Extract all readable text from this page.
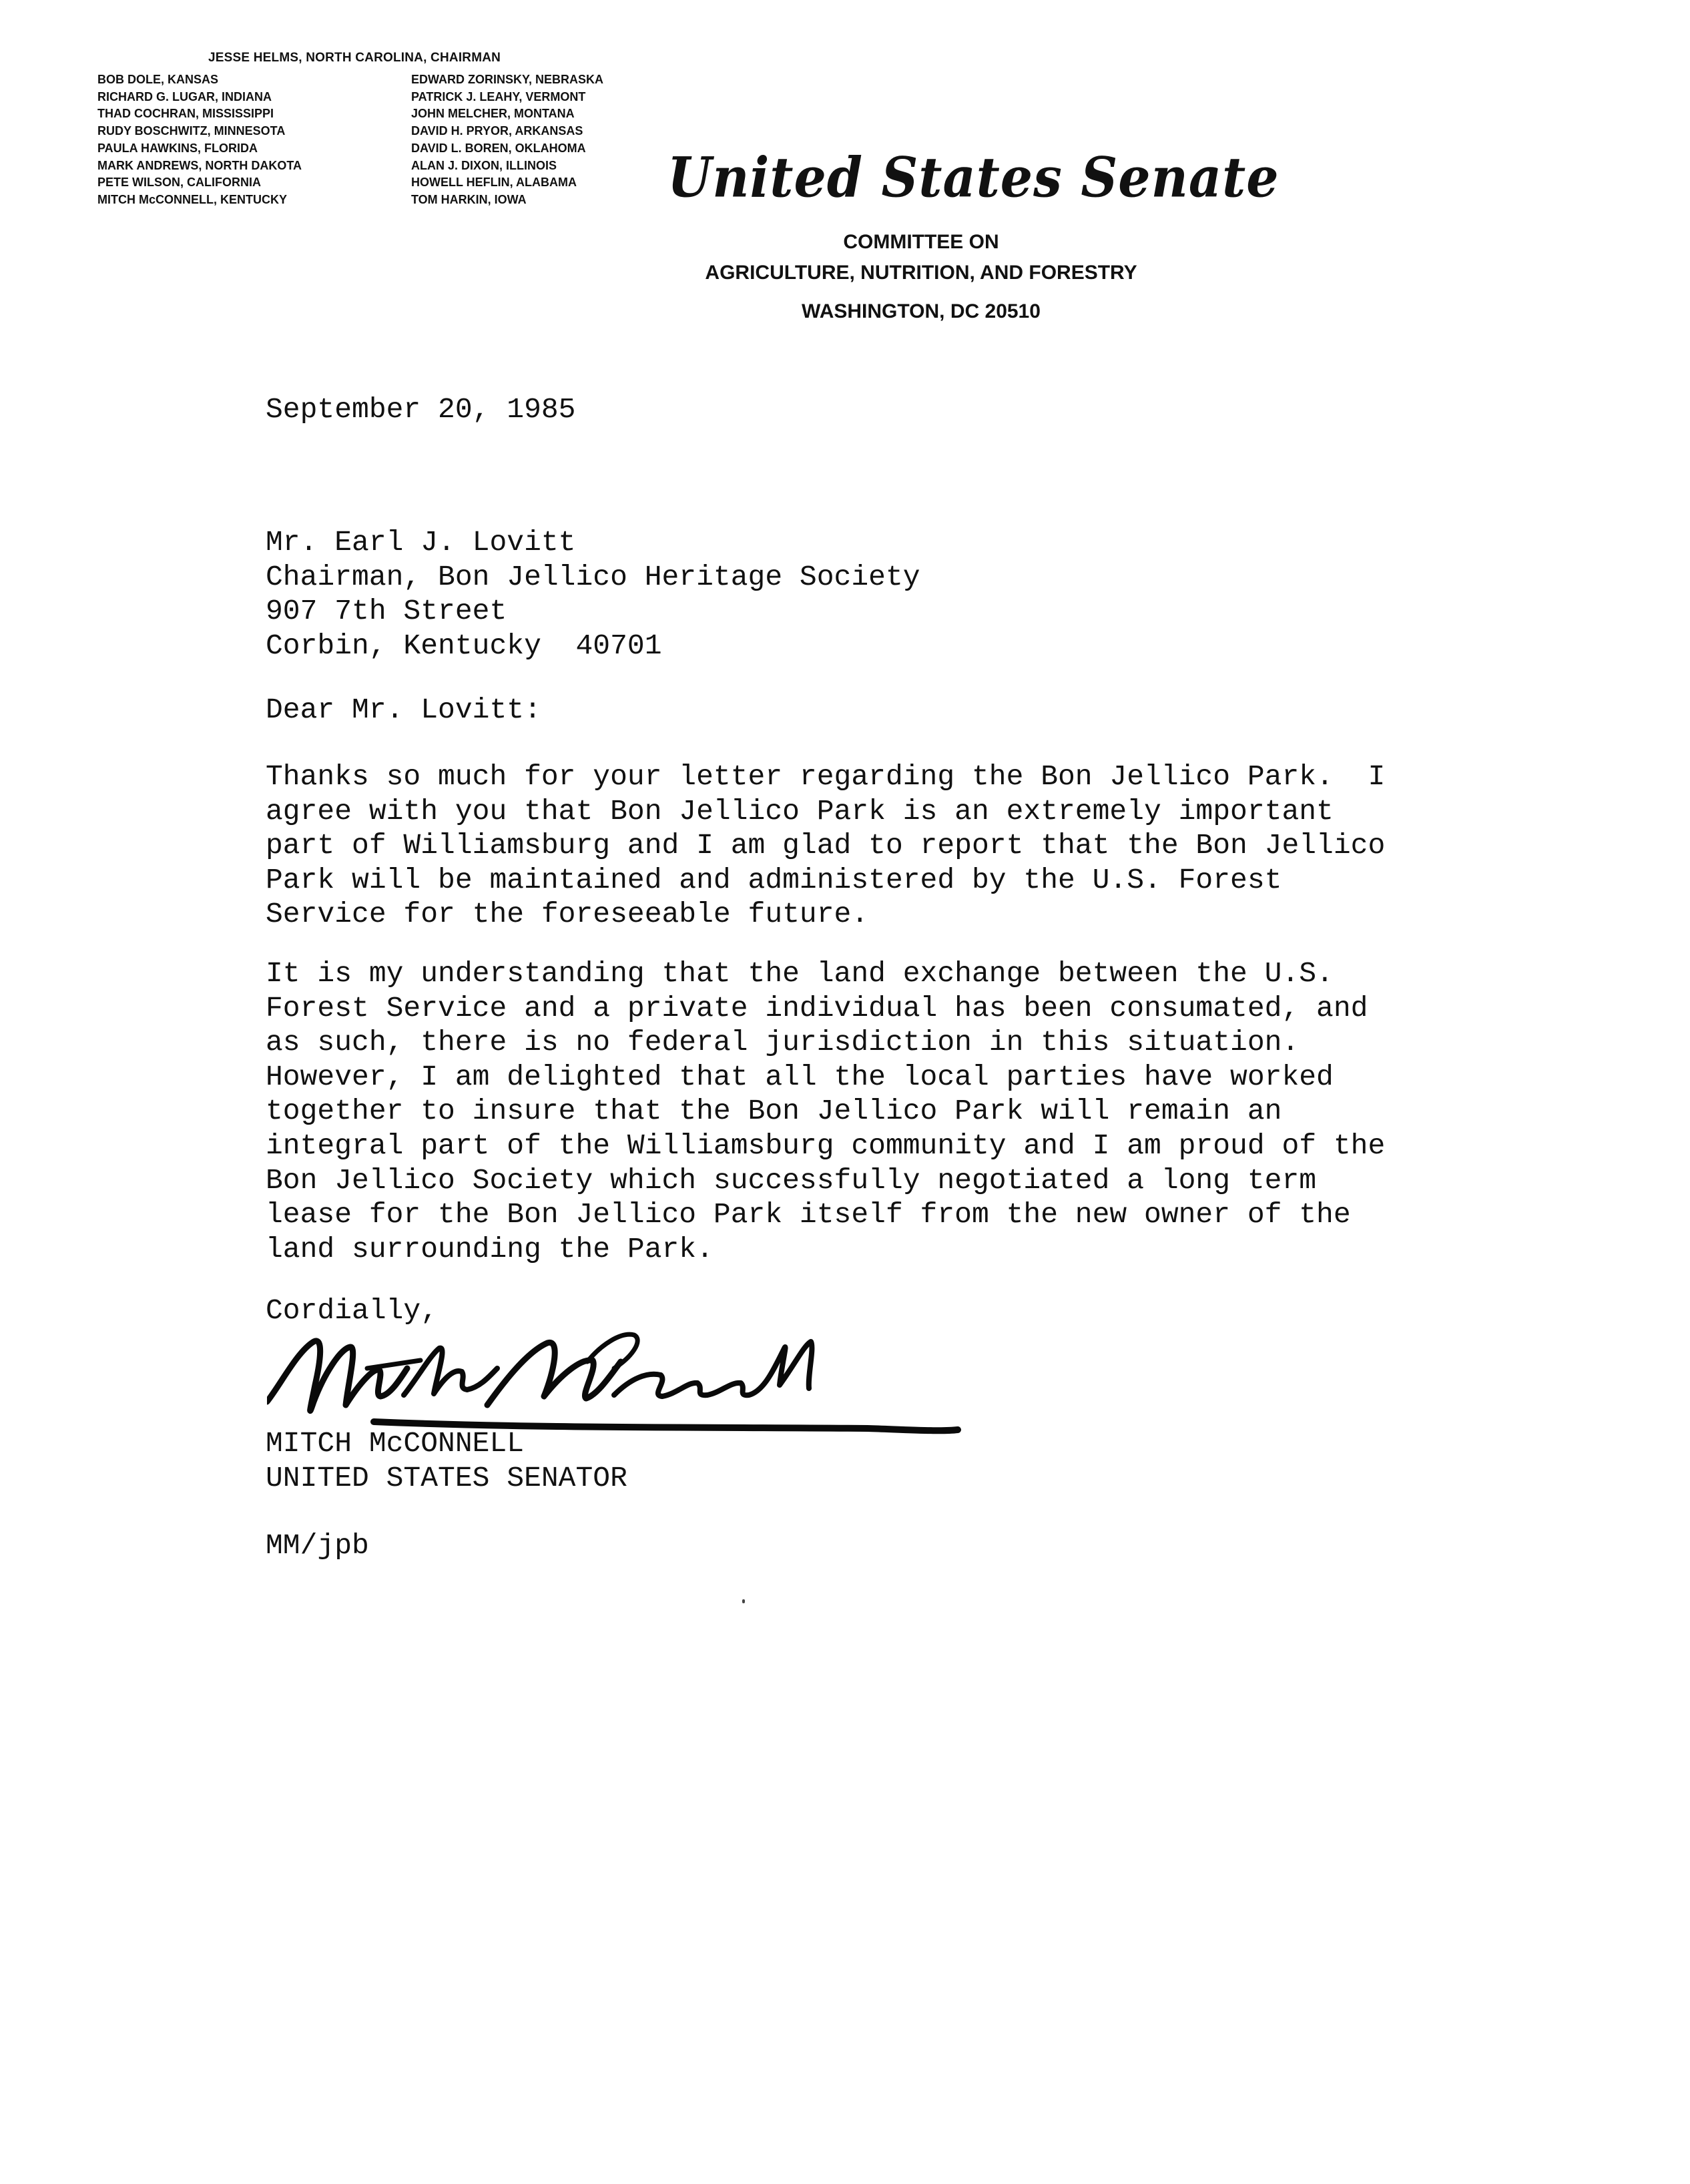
JESSE HELMS, NORTH CAROLINA, CHAIRMAN
BOB DOLE, KANSAS
RICHARD G. LUGAR, INDIANA
THAD COCHRAN, MISSISSIPPI
RUDY BOSCHWITZ, MINNESOTA
PAULA HAWKINS, FLORIDA
MARK ANDREWS, NORTH DAKOTA
PETE WILSON, CALIFORNIA
MITCH McCONNELL, KENTUCKY
EDWARD ZORINSKY, NEBRASKA
PATRICK J. LEAHY, VERMONT
JOHN MELCHER, MONTANA
DAVID H. PRYOR, ARKANSAS
DAVID L. BOREN, OKLAHOMA
ALAN J. DIXON, ILLINOIS
HOWELL HEFLIN, ALABAMA
TOM HARKIN, IOWA	United States Senate
COMMITTEE ON
AGRICULTURE, NUTRITION, AND FORESTRY
WASHINGTON, DC 20510
September 20, 1985
Mr. Earl J. Lovitt
Chairman, Bon Jellico Heritage Society
907 7th Street
Corbin, Kentucky  40701
Dear Mr. Lovitt:
Thanks so much for your letter regarding the Bon Jellico Park.  I
agree with you that Bon Jellico Park is an extremely important
part of Williamsburg and I am glad to report that the Bon Jellico
Park will be maintained and administered by the U.S. Forest
Service for the foreseeable future.
It is my understanding that the land exchange between the U.S.
Forest Service and a private individual has been consumated, and
as such, there is no federal jurisdiction in this situation.
However, I am delighted that all the local parties have worked
together to insure that the Bon Jellico Park will remain an
integral part of the Williamsburg community and I am proud of the
Bon Jellico Society which successfully negotiated a long term
lease for the Bon Jellico Park itself from the new owner of the
land surrounding the Park.
Cordially,
MITCH McCONNELL
UNITED STATES SENATOR
MM/jpb
